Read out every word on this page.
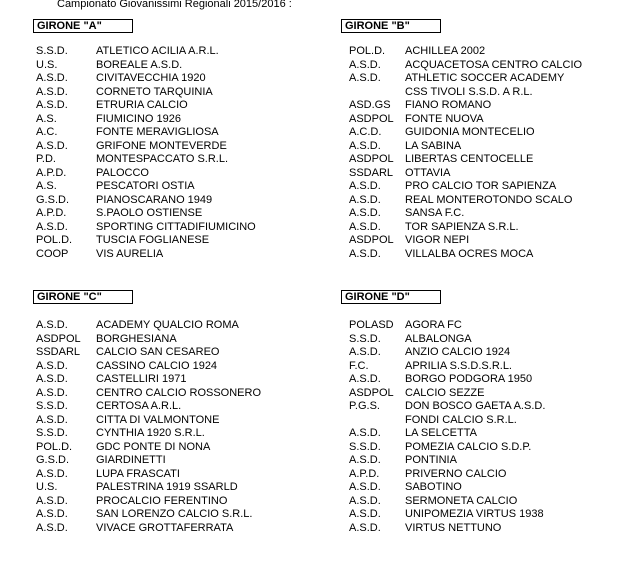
Campionato Giovanissimi Regionali 2015/2016 :
GIRONE "A"
S.S.D.	ATLETICO ACILIA A.R.L.
U.S.	BOREALE A.S.D.
A.S.D.	CIVITAVECCHIA 1920
A.S.D.	CORNETO TARQUINIA
A.S.D.	ETRURIA CALCIO
A.S.	FIUMICINO 1926
A.C.	FONTE MERAVIGLIOSA
A.S.D.	GRIFONE MONTEVERDE
P.D.	MONTESPACCATO S.R.L.
A.P.D.	PALOCCO
A.S.	PESCATORI OSTIA
G.S.D. PIANOSCARANO 1949
A.P.D.	S.PAOLO OSTIENSE
A.S.D.	SPORTING CITTADIFIUMICINO
POL.D. TUSCIA FOGLIANESE
COOP	VIS AURELIA
GIRONE "B"
POL.D. ACHILLEA 2002
A.S.D. ACQUACETOSA CENTRO CALCIO
A.S.D. ATHLETIC SOCCER ACADEMY
CSS TIVOLI S.S.D. A R.L.
ASD.GS FIANO ROMANO
ASDPOL FONTE NUOVA
A.C.D. GUIDONIA MONTECELIO
A.S.D. LA SABINA
ASDPOL LIBERTAS CENTOCELLE
SSDARL OTTAVIA
A.S.D. PRO CALCIO TOR SAPIENZA
A.S.D. REAL MONTEROTONDO SCALO
A.S.D. SANSA F.C.
A.S.D. TOR SAPIENZA S.R.L.
ASDPOL VIGOR NEPI
A.S.D. VILLALBA OCRES MOCA
GIRONE "C"
A.S.D.	ACADEMY QUALCIO ROMA
ASDPOL BORGHESIANA
SSDARL CALCIO SAN CESAREO
A.S.D.	CASSINO CALCIO 1924
A.S.D.	CASTELLIRI 1971
A.S.D.	CENTRO CALCIO ROSSONERO
S.S.D.	CERTOSA A.R.L.
A.S.D.	CITTA DI VALMONTONE
S.S.D.	CYNTHIA 1920 S.R.L.
POL.D. GDC PONTE DI NONA
G.S.D. GIARDINETTI
A.S.D.	LUPA FRASCATI
U.S.	PALESTRINA 1919 SSARLD
A.S.D.	PROCALCIO FERENTINO
A.S.D.	SAN LORENZO CALCIO S.R.L.
A.S.D.	VIVACE GROTTAFERRATA
GIRONE "D"
POLASD AGORA FC
S.S.D. ALBALONGA
A.S.D. ANZIO CALCIO 1924
F.C.	APRILIA S.S.D.S.R.L.
A.S.D. BORGO PODGORA 1950
ASDPOL CALCIO SEZZE
P.G.S. DON BOSCO GAETA A.S.D.
FONDI CALCIO S.R.L.
A.S.D. LA SELCETTA
S.S.D. POMEZIA CALCIO S.D.P.
A.S.D. PONTINIA
A.P.D. PRIVERNO CALCIO
A.S.D. SABOTINO
A.S.D. SERMONETA CALCIO
A.S.D. UNIPOMEZIA VIRTUS 1938
A.S.D. VIRTUS NETTUNO
